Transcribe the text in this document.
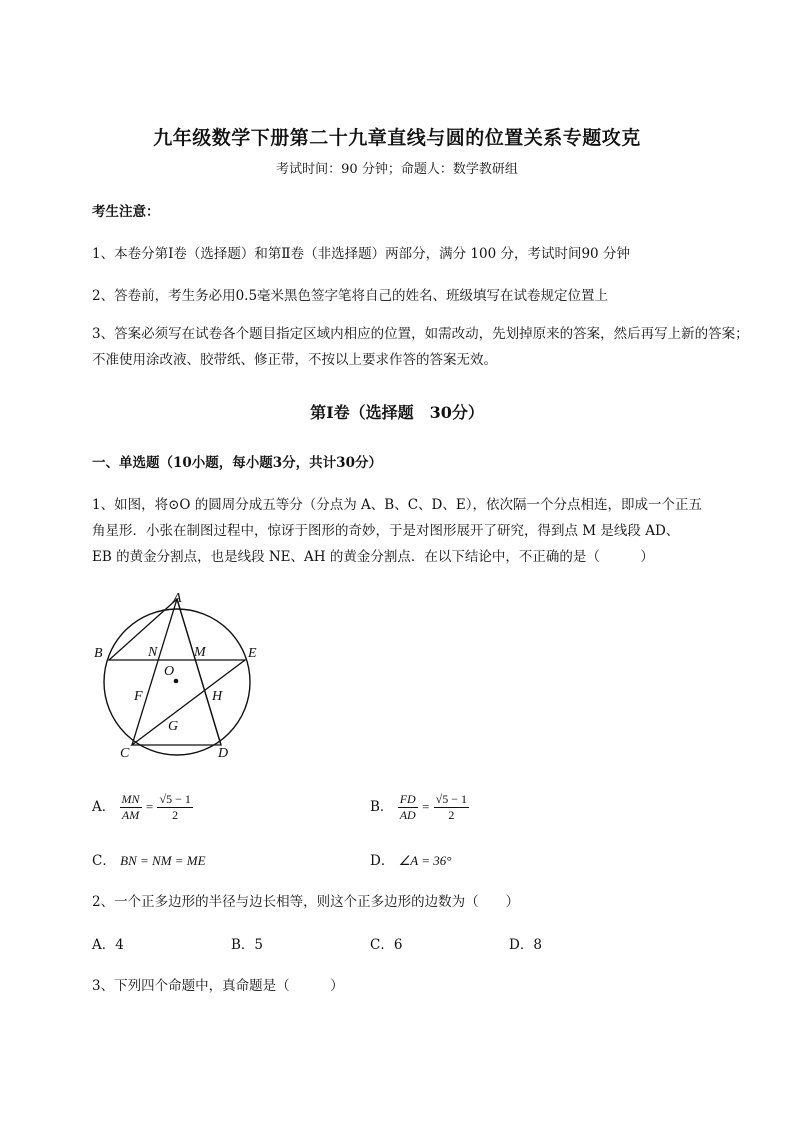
九年级数学下册第二十九章直线与圆的位置关系专题攻克
考试时间：90 分钟；命题人：数学教研组
考生注意：
1、本卷分第Ⅰ卷（选择题）和第Ⅱ卷（非选择题）两部分，满分 100 分，考试时间90 分钟
2、答卷前，考生务必用0.5毫米黑色签字笔将自己的姓名、班级填写在试卷规定位置上
3、答案必须写在试卷各个题目指定区域内相应的位置，如需改动，先划掉原来的答案，然后再写上新的答案；不准使用涂改液、胶带纸、修正带，不按以上要求作答的答案无效。
第Ⅰ卷（选择题　30分）
一、单选题（10小题，每小题3分，共计30分）
1、如图，将⊙O 的圆周分成五等分（分点为 A、B、C、D、E），依次隔一个分点相连，即成一个正五
角星形．小张在制图过程中，惊讶于图形的奇妙，于是对图形展开了研究，得到点 M 是线段 AD、
EB 的黄金分割点，也是线段 NE、AH 的黄金分割点．在以下结论中，不正确的是（　　　）
A
B
C	D
E
N	M
O
F	H
G
A． $\frac{MN}{AM} = \frac{√5 - 1}{2}$	B． $\frac{FD}{AD} = \frac{√5 - 1}{2}$
C． BN = NM = ME	D． ∠A = 36°
2、一个正多边形的半径与边长相等，则这个正多边形的边数为（　　）
A．4	B．5	C．6	D．8
3、下列四个命题中，真命题是（　　　）
